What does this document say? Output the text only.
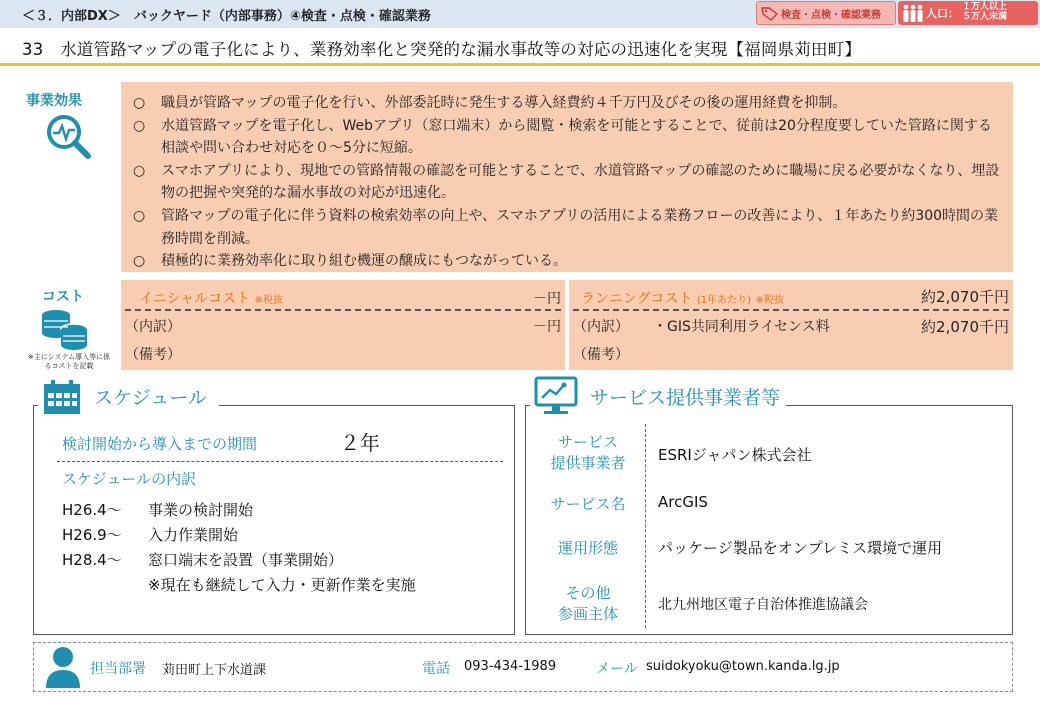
＜３．内部DX＞　バックヤード（内部事務）④検査・点検・確認業務	検査・点検・確認業務	人口： １万人以上
５万人未満
33　水道管路マップの電子化により、業務効率化と突発的な漏水事故等の対応の迅速化を実現【福岡県苅田町】
事業効果	○ 職員が管路マップの電子化を行い、外部委託時に発生する導入経費約４千万円及びその後の運用経費を抑制。
○ 水道管路マップを電子化し、Webアプリ（窓口端末）から閲覧・検索を可能とすることで、従前は20分程度要していた管路に関する相談や問い合わせ対応を０～5分に短縮。
○ スマホアプリにより、現地での管路情報の確認を可能とすることで、水道管路マップの確認のために職場に戻る必要がなくなり、埋設物の把握や突発的な漏水事故の対応が迅速化。
○ 管路マップの電子化に伴う資料の検索効率の向上や、スマホアプリの活用による業務フローの改善により、１年あたり約300時間の業務時間を削減。
○ 積極的に業務効率化に取り組む機運の醸成にもつながっている。
コスト
※主にシステム導入等に係るコストを記載
イニシャルコスト ※税抜	－円
（内訳）	－円
（備考）
ランニングコスト (1年あたり) ※税抜	約2,070千円
（内訳） ・GIS共同利用ライセンス料	約2,070千円
（備考）
スケジュール
検討開始から導入までの期間	２年
スケジュールの内訳
H26.4～ 事業の検討開始
H26.9～ 入力作業開始
H28.4～ 窓口端末を設置（事業開始）
※現在も継続して入力・更新作業を実施
サービス提供事業者等
サービス
提供事業者	ESRIジャパン株式会社
サービス名	ArcGIS
運用形態	パッケージ製品をオンプレミス環境で運用
その他
参画主体	北九州地区電子自治体推進協議会
担当部署 苅田町上下水道課	電話 093-434-1989	メール suidokyoku@town.kanda.lg.jp
